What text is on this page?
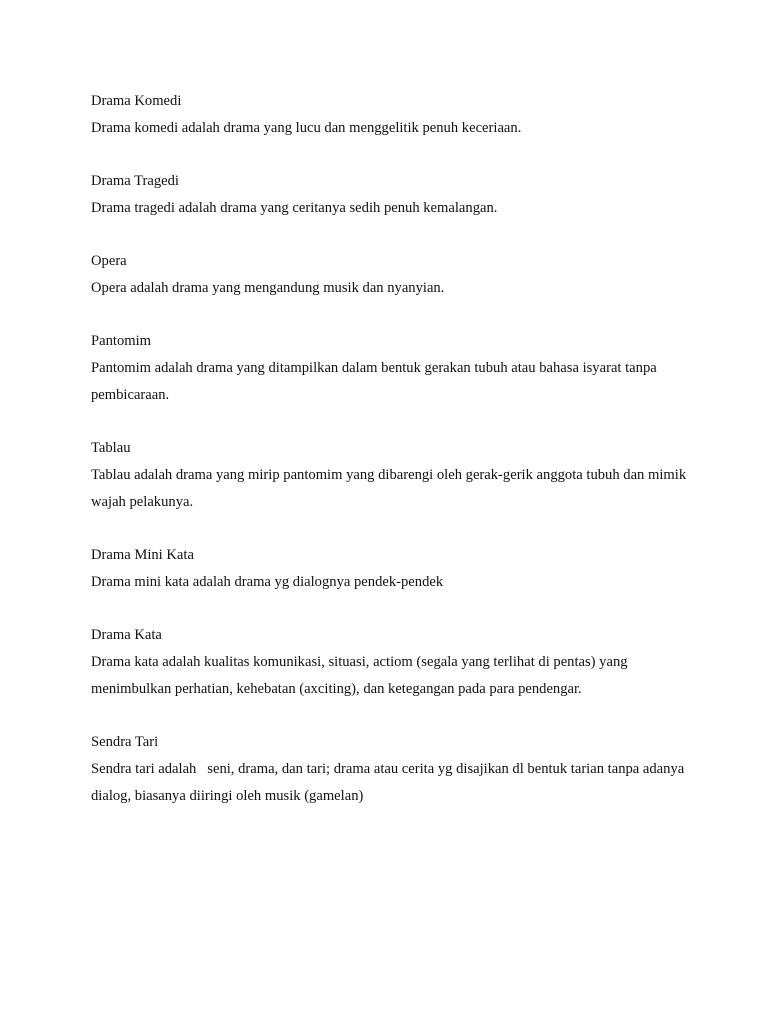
Drama Komedi
Drama komedi adalah drama yang lucu dan menggelitik penuh keceriaan.
Drama Tragedi
Drama tragedi adalah drama yang ceritanya sedih penuh kemalangan.
Opera
Opera adalah drama yang mengandung musik dan nyanyian.
Pantomim
Pantomim adalah drama yang ditampilkan dalam bentuk gerakan tubuh atau bahasa isyarat tanpa pembicaraan.
Tablau
Tablau adalah drama yang mirip pantomim yang dibarengi oleh gerak-gerik anggota tubuh dan mimik wajah pelakunya.
Drama Mini Kata
Drama mini kata adalah drama yg dialognya pendek-pendek
Drama Kata
Drama kata adalah kualitas komunikasi, situasi, actiom (segala yang terlihat di pentas) yang menimbulkan perhatian, kehebatan (axciting), dan ketegangan pada para pendengar.
Sendra Tari
Sendra tari adalah   seni, drama, dan tari; drama atau cerita yg disajikan dl bentuk tarian tanpa adanya dialog, biasanya diiringi oleh musik (gamelan)
